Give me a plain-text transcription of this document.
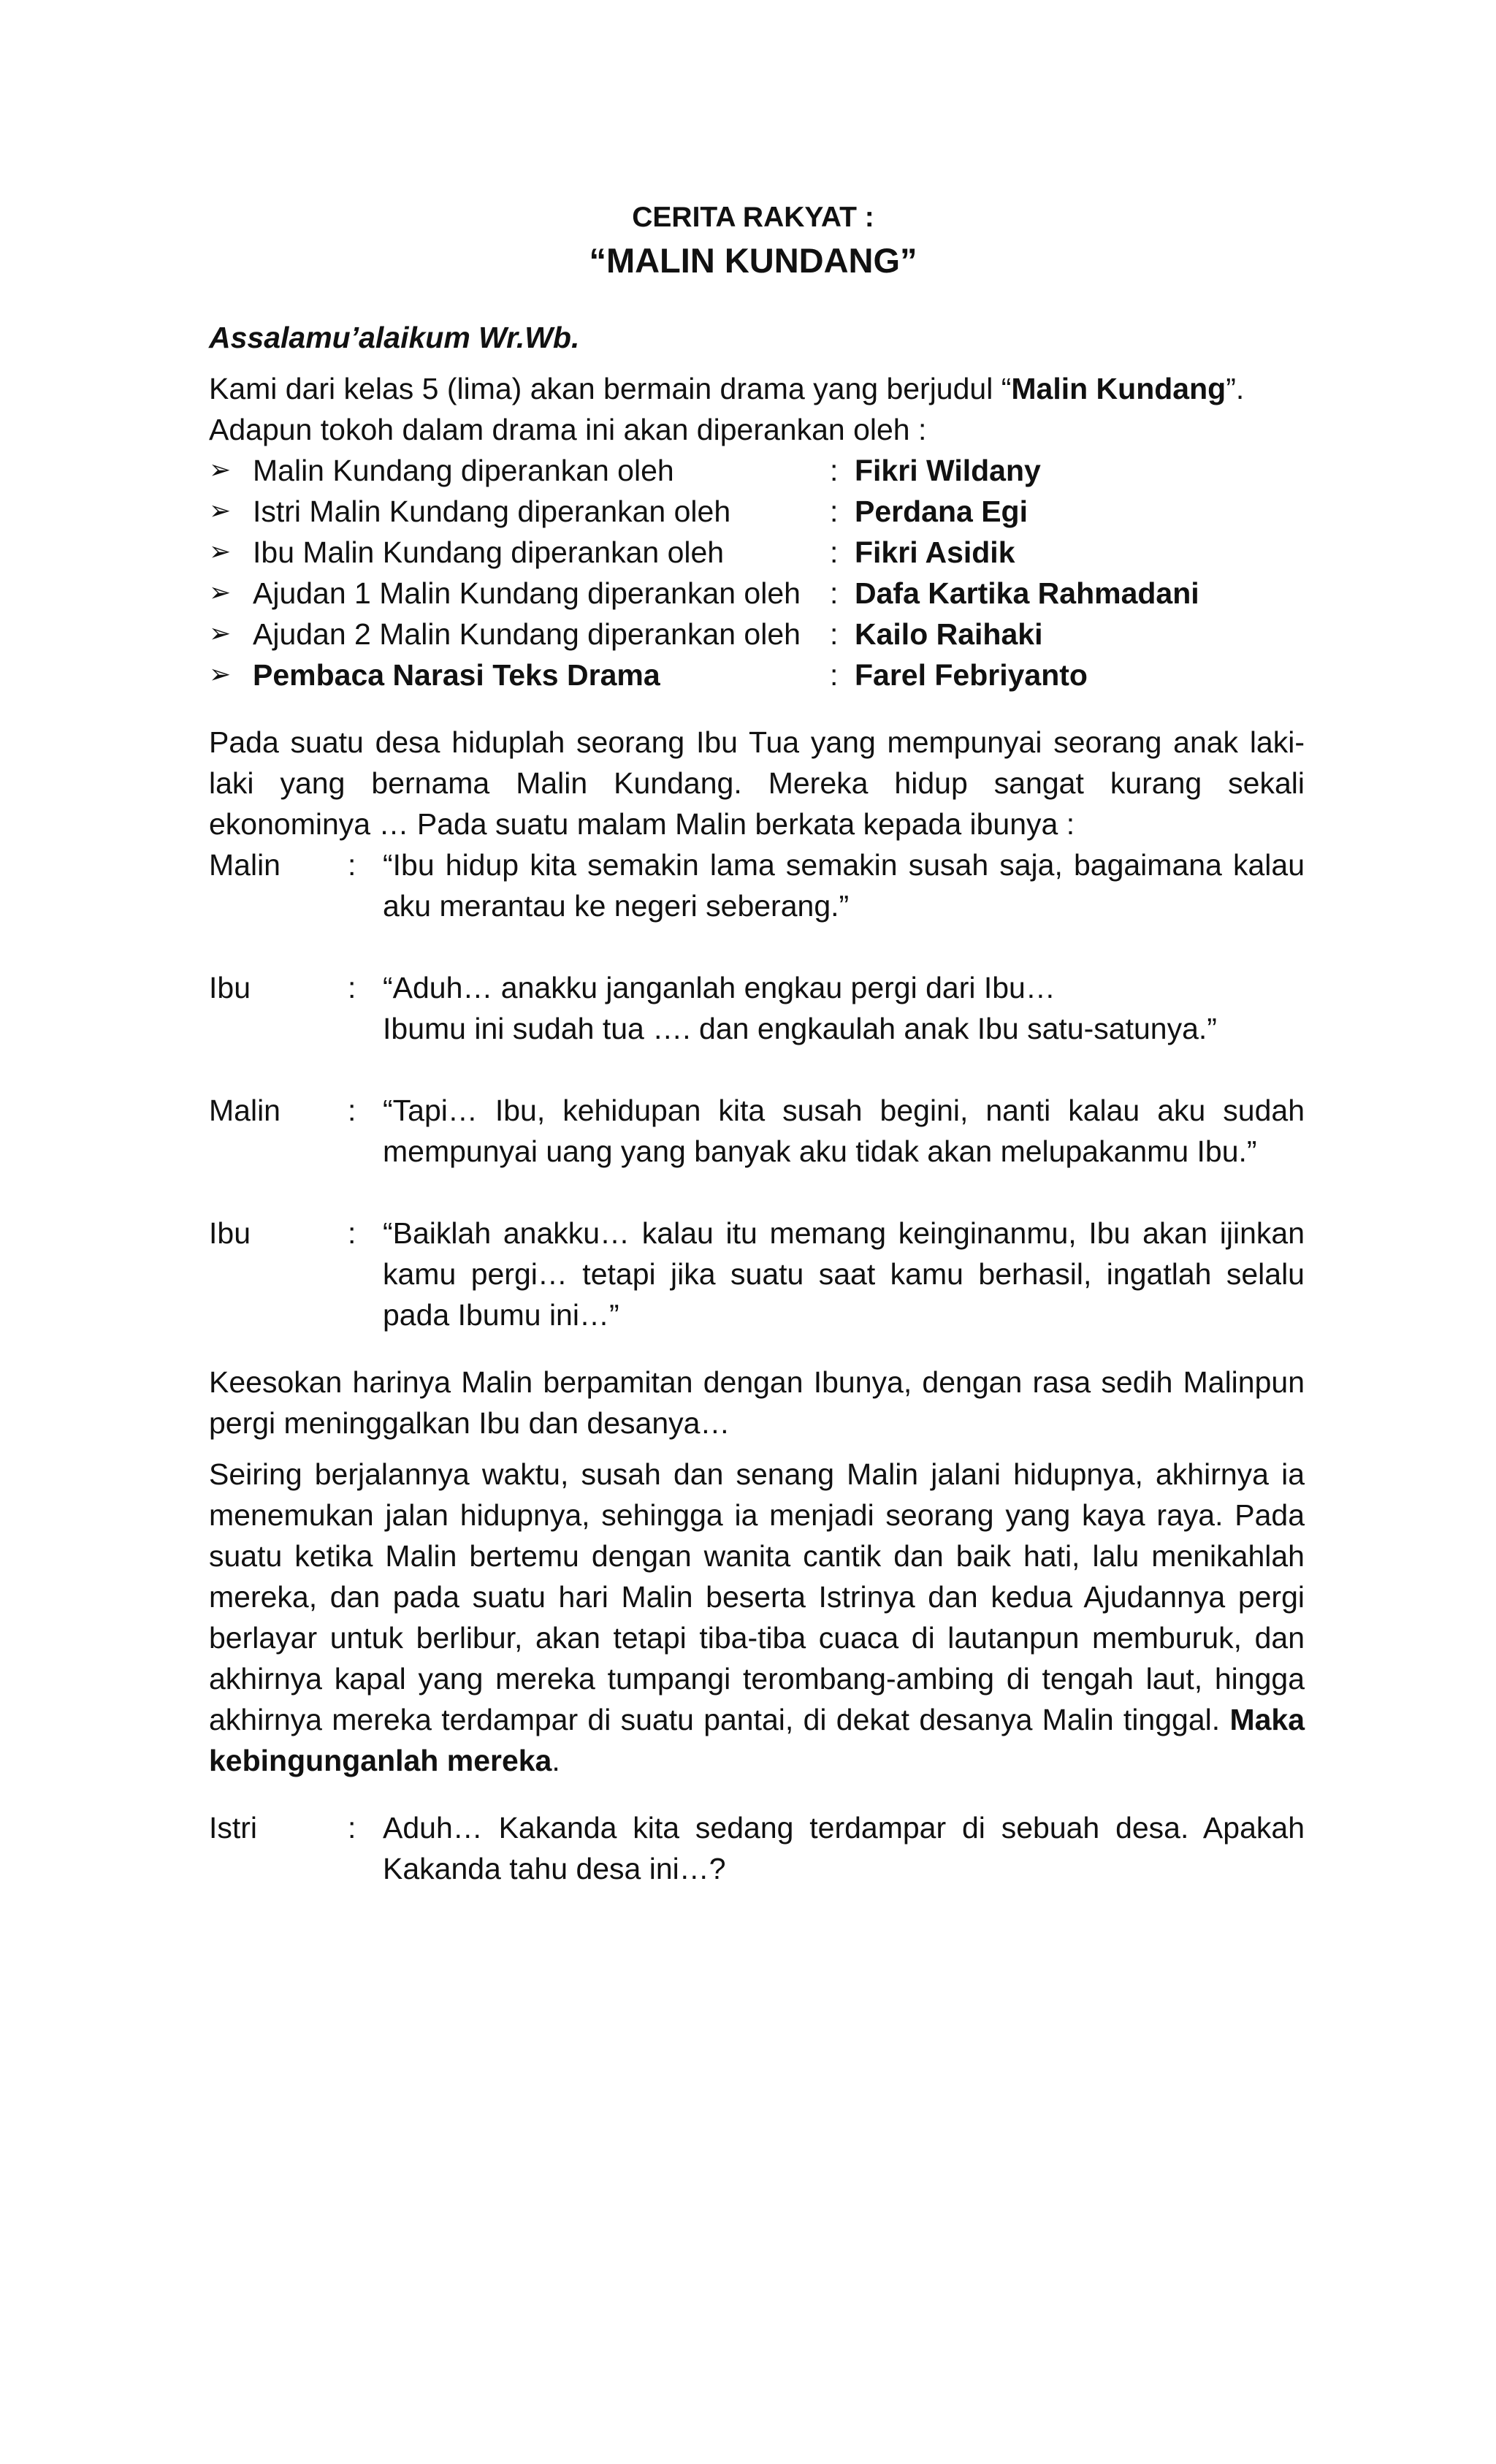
CERITA RAKYAT :
“MALIN KUNDANG”
Assalamu’alaikum Wr.Wb.
Kami dari kelas 5 (lima) akan bermain drama yang berjudul “Malin Kundang”.
Adapun tokoh dalam drama ini akan diperankan oleh :
➢ Malin Kundang diperankan oleh	: Fikri Wildany
➢ Istri Malin Kundang diperankan oleh	: Perdana Egi
➢ Ibu Malin Kundang diperankan oleh	: Fikri Asidik
➢ Ajudan 1 Malin Kundang diperankan oleh : Dafa Kartika Rahmadani
➢ Ajudan 2 Malin Kundang diperankan oleh : Kailo Raihaki
➢ Pembaca Narasi Teks Drama	: Farel Febriyanto
Pada suatu desa hiduplah seorang Ibu Tua yang mempunyai seorang anak laki-laki yang bernama Malin Kundang. Mereka hidup sangat kurang sekali ekonominya … Pada suatu malam Malin berkata kepada ibunya :
Malin	: “Ibu hidup kita semakin lama semakin susah saja, bagaimana kalau aku merantau ke negeri seberang.”
Ibu	: “Aduh… anakku janganlah engkau pergi dari Ibu…
Ibumu ini sudah tua …. dan engkaulah anak Ibu satu-satunya.”
Malin	: “Tapi… Ibu, kehidupan kita susah begini, nanti kalau aku sudah mempunyai uang yang banyak aku tidak akan melupakanmu Ibu.”
Ibu	: “Baiklah anakku… kalau itu memang keinginanmu, Ibu akan ijinkan kamu pergi… tetapi jika suatu saat kamu berhasil, ingatlah selalu pada Ibumu ini…”
Keesokan harinya Malin berpamitan dengan Ibunya, dengan rasa sedih Malinpun pergi meninggalkan Ibu dan desanya…
Seiring berjalannya waktu, susah dan senang Malin jalani hidupnya, akhirnya ia menemukan jalan hidupnya, sehingga ia menjadi seorang yang kaya raya. Pada suatu ketika Malin bertemu dengan wanita cantik dan baik hati, lalu menikahlah mereka, dan pada suatu hari Malin beserta Istrinya dan kedua Ajudannya pergi berlayar untuk berlibur, akan tetapi tiba-tiba cuaca di lautanpun memburuk, dan akhirnya kapal yang mereka tumpangi terombang-ambing di tengah laut, hingga akhirnya mereka terdampar di suatu pantai, di dekat desanya Malin tinggal. Maka kebingunganlah mereka.
Istri	: Aduh… Kakanda kita sedang terdampar di sebuah desa. Apakah Kakanda tahu desa ini…?
